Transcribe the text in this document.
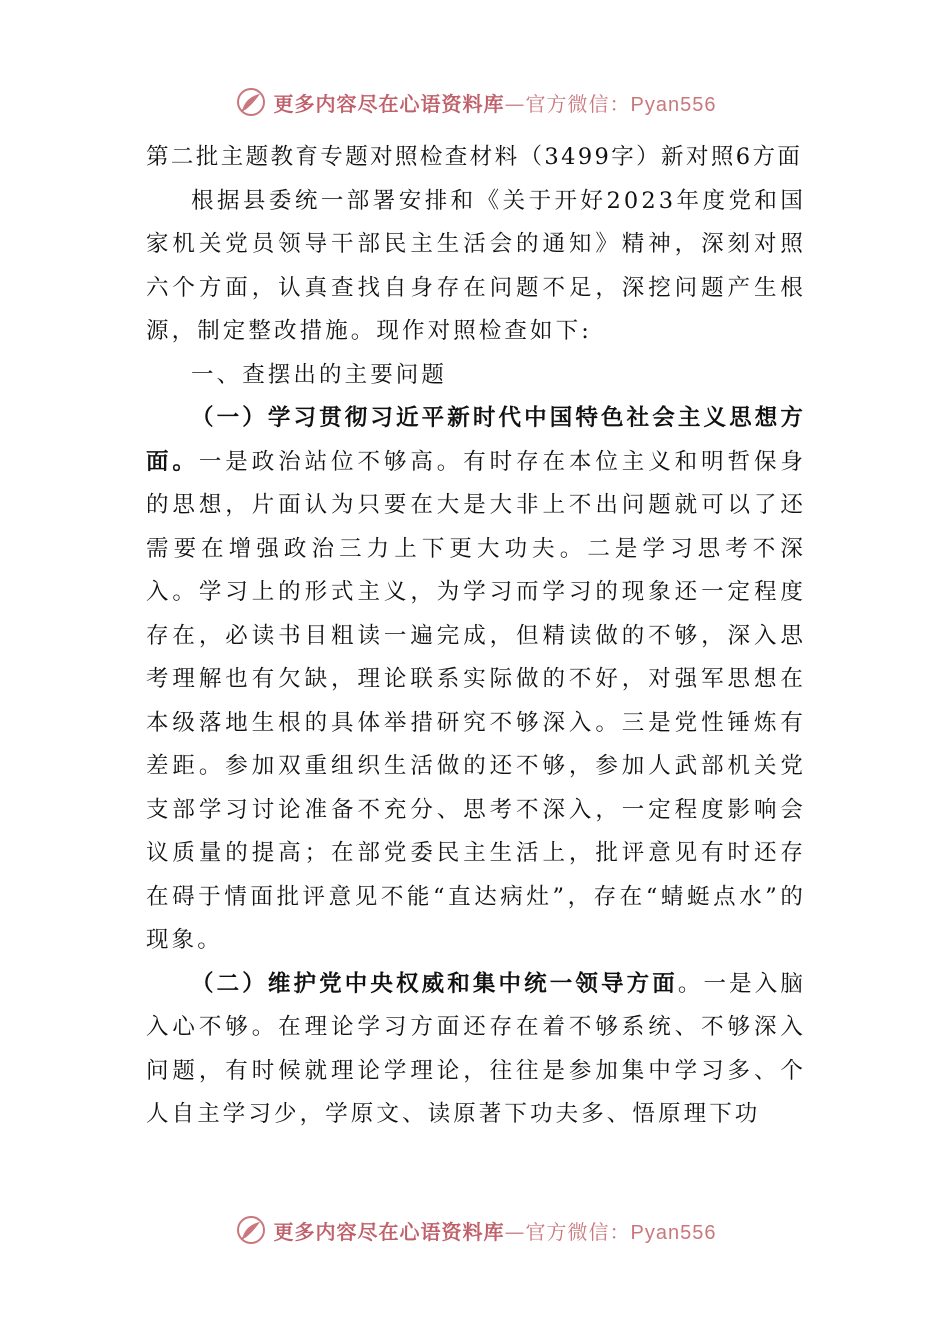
更多内容尽在心语资料库—官方微信：Pyan556

第二批主题教育专题对照检查材料（3499字）新对照6方面

根据县委统一部署安排和《关于开好2023年度党和国家机关党员领导干部民主生活会的通知》精神，深刻对照六个方面，认真查找自身存在问题不足，深挖问题产生根源，制定整改措施。现作对照检查如下:

一、查摆出的主要问题

（一）学习贯彻习近平新时代中国特色社会主义思想方面。一是政治站位不够高。有时存在本位主义和明哲保身的思想，片面认为只要在大是大非上不出问题就可以了还需要在增强政治三力上下更大功夫。二是学习思考不深入。学习上的形式主义，为学习而学习的现象还一定程度存在，必读书目粗读一遍完成，但精读做的不够，深入思考理解也有欠缺，理论联系实际做的不好，对强军思想在本级落地生根的具体举措研究不够深入。三是党性锤炼有差距。参加双重组织生活做的还不够，参加人武部机关党支部学习讨论准备不充分、思考不深入，一定程度影响会议质量的提高；在部党委民主生活上，批评意见有时还存在碍于情面批评意见不能“直达病灶”，存在“蜻蜓点水”的现象。

（二）维护党中央权威和集中统一领导方面。一是入脑入心不够。在理论学习方面还存在着不够系统、不够深入问题，有时候就理论学理论，往往是参加集中学习多、个人自主学习少，学原文、读原著下功夫多、悟原理下功

更多内容尽在心语资料库—官方微信：Pyan556
